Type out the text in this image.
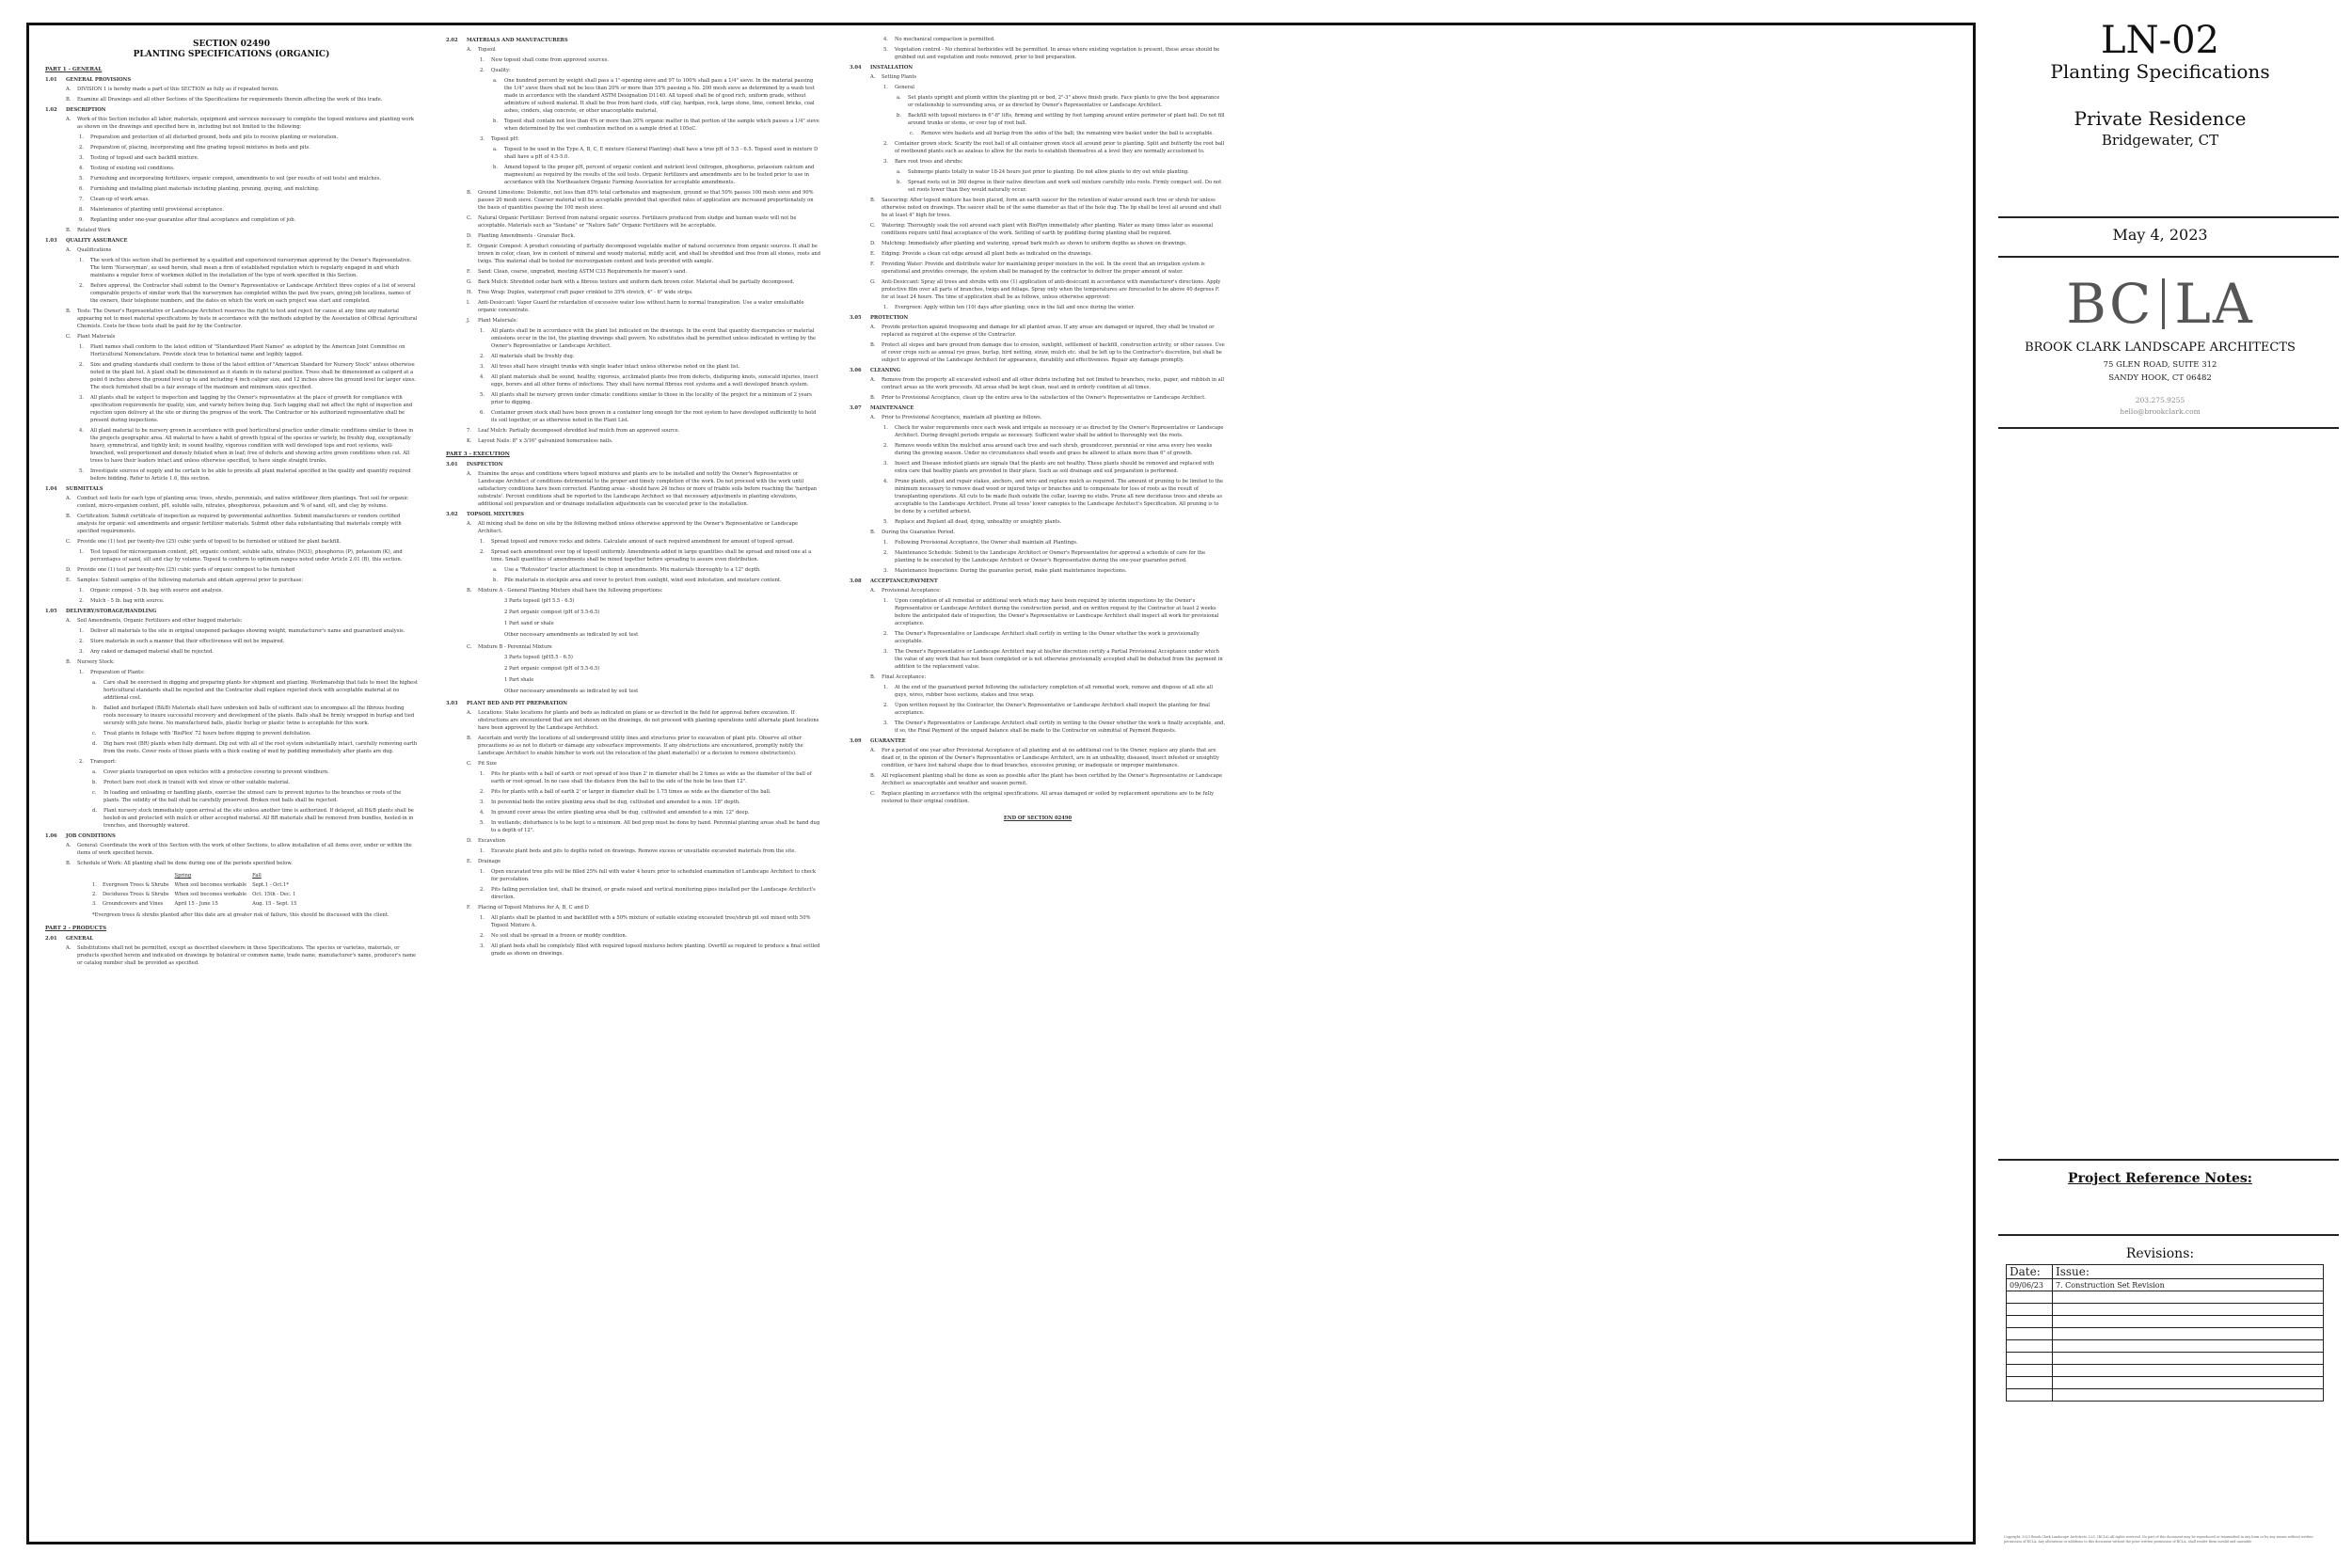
SECTION 02490
PLANTING SPECIFICATIONS (ORGANIC)
PART 1 - GENERAL
1.01	GENERAL PROVISIONS
A.	DIVISION 1 is hereby made a part of this SECTION as fully as if repeated herein.
B.	Examine all Drawings and all other Sections of the Specifications for requirements therein affecting the work of this trade.
1.02	DESCRIPTION
A.	Work of this Section includes all labor, materials, equipment and services necessary to complete the topsoil mixtures and planting work as shown on the drawings and specified here in, including but not limited to the following:
1.	Preparation and protection of all disturbed ground, beds and pits to receive planting or restoration.
2.	Preparation of, placing, incorporating and fine grading topsoil mixtures in beds and pits.
3.	Testing of topsoil and each backfill mixture.
4.	Testing of existing soil conditions.
5.	Furnishing and incorporating fertilizers, organic compost, amendments to soil (per results of soil tests) and mulches.
6.	Furnishing and installing plant materials including planting, pruning, guying, and mulching.
7.	Clean-up of work areas.
8.	Maintenance of planting until provisional acceptance.
9.	Replanting under one-year guarantee after final acceptance and completion of job.
B.	Related Work
1.03	QUALITY ASSURANCE
A.	Qualifications
1.	The work of this section shall be performed by a qualified and experienced nurseryman approved by the Owner's Representative. The term 'Nurseryman', as used herein, shall mean a firm of established reputation which is regularly engaged in and which maintains a regular force of workmen skilled in the installation of the type of work specified in this Section.
2.	Before approval, the Contractor shall submit to the Owner's Representative or Landscape Architect three copies of a list of several comparable projects of similar work that the nurserymen has completed within the past five years, giving job locations, names of the owners, their telephone numbers, and the dates on which the work on each project was start and completed.
B.	Tests: The Owner's Representative or Landscape Architect reserves the right to test and reject for cause at any time any material appearing not to meet material specifications by tests in accordance with the methods adopted by the Association of Official Agricultural Chemists. Costs for these tests shall be paid for by the Contractor.
C.	Plant Materials
1.	Plant names shall conform to the latest edition of "Standardized Plant Names" as adopted by the American Joint Committee on Horticultural Nomenclature. Provide stock true to botanical name and legibly tagged.
2.	Size and grading standards shall conform to those of the latest edition of "American Standard for Nursery Stock" unless otherwise noted in the plant list. A plant shall be dimensioned as it stands in its natural position. Trees shall be dimensioned as caliperd at a point 6 inches above the ground level up to and including 4 inch caliper size, and 12 inches above the ground level for larger sizes. The stock furnished shall be a fair average of the maximum and minimum sizes specified.
3.	All plants shall be subject to inspection and tagging by the Owner's representative at the place of growth for compliance with specification requirements for quality, size, and variety before being dug. Such tagging shall not affect the right of inspection and rejection upon delivery at the site or during the progress of the work. The Contractor or his authorized representative shall be present during inspections.
4.	All plant material to be nursery grown in accordance with good horticultural practice under climatic conditions similar to those in the projects geographic area. All material to have a habit of growth typical of the species or variety, be freshly dug, exceptionally heavy, symmetrical, and tightly knit; in sound healthy, vigorous condition with well developed tops and root systems, well-branched, well proportioned and densely foliated when in leaf; free of defects and showing active green conditions when cut. All trees to have their leaders intact and unless otherwise specified, to have single straight trunks.
5.	Investigate sources of supply and be certain to be able to provide all plant material specified in the quality and quantity required before bidding. Refer to Article 1.6, this section.
1.04	SUBMITTALS
A.	Conduct soil tests for each type of planting area: trees, shrubs, perennials, and native wildflower /fern plantings. Test soil for organic content, micro-organism content, pH, soluble salts, nitrates, phosphorous, potassium and % of sand, silt, and clay by volume.
B.	Certification: Submit certificate of inspection as required by governmental authorities. Submit manufacturers or vendors certified analysis for organic soil amendments and organic fertilizer materials. Submit other data substantiating that materials comply with specified requirements.
C.	Provide one (1) test per twenty-five (25) cubic yards of topsoil to be furnished or utilized for plant backfill.
1.	Test topsoil for microorganism content, pH, organic content, soluble salts, nitrates (NO3), phosphorus (P), potassium (K), and percentages of sand, silt and clay by volume. Topsoil to conform to optimum ranges noted under Article 2.01 (B), this section.
D.	Provide one (1) test per twenty-five (25) cubic yards of organic compost to be furnished
E.	Samples: Submit samples of the following materials and obtain approval prior to purchase:
1.	Organic compost - 5 lb. bag with source and analysis.
2.	Mulch - 5 lb. bag with source.
1.05	DELIVERY/STORAGE/HANDLING
A.	Soil Amendments, Organic Fertilizers and other bagged materials:
1.	Deliver all materials to the site in original unopened packages showing weight, manufacturer's name and guaranteed analysis.
2.	Store materials in such a manner that their effectiveness will not be impaired.
3.	Any caked or damaged material shall be rejected.
B.	Nursery Stock:
1.	Preparation of Plants:
a.	Care shall be exercised in digging and preparing plants for shipment and planting. Workmanship that fails to meet the highest horticultural standards shall be rejected and the Contractor shall replace rejected stock with acceptable material at no additional cost.
b.	Balled and burlaped (B&B) Materials shall have unbroken soil balls of sufficient size to encompass all the fibrous feeding roots necessary to insure successful recovery and development of the plants. Balls shall be firmly wrapped in burlap and tied securely with jute twine. No manufactured balls, plastic burlap or plastic twine is acceptable for this work.
c.	Treat plants in foliage with 'BioPlex' 72 hours before digging to prevent defoliation.
d.	Dig bare root (BR) plants when fully dormant. Dig out with all of the root system substantially intact, carefully removing earth from the roots. Cover roots of those plants with a thick coating of mud by puddling immediately after plants are dug.
2.	Transport:
a.	Cover plants transported on open vehicles with a protective covering to prevent windburn.
b.	Protect bare root stock in transit with wet straw or other suitable material.
c.	In loading and unloading or handling plants, exercise the utmost care to prevent injuries to the branches or roots of the plants. The solidity of the ball shall be carefully preserved. Broken root balls shall be rejected.
d.	Plant nursery stock immediately upon arrival at the site unless another time is authorized. If delayed, all B&B plants shall be heeled-in and protected with mulch or other accepted material. All BR materials shall be removed from bundles, heeled-in in trenches, and thoroughly watered.
1.06	JOB CONDITIONS
A.	General: Coordinate the work of this Section with the work of other Sections, to allow installation of all items over, under or within the items of work specified herein.
B.	Schedule of Work: All planting shall be done during one of the periods specified below.
		Spring	Fall
1.	Evergreen Trees & Shrubs	When soil becomes workable	Sept.1 - Oct.1*
2.	Deciduous Trees & Shrubs	When soil becomes workable	Oct. 15th - Dec. 1
3.	Groundcovers and Vines	April 15 - June 15	Aug. 15 - Sept. 15
*Evergreen trees & shrubs planted after this date are at greater risk of failure, this should be discussed with the client.
PART 2 - PRODUCTS
2.01	GENERAL
A.	Substitutions shall not be permitted, except as described elsewhere in these Specifications. The species or varieties, materials, or products specified herein and indicated on drawings by botanical or common name, trade name, manufacturer's name, producer's name or catalog number shall be provided as specified.
2.02	MATERIALS AND MANUFACTURERS
A.	Topsoil
1.	New topsoil shall come from approved sources.
2.	Quality:
a.	One hundred percent by weight shall pass a 1"-opening sieve and 97 to 100% shall pass a 1/4" sieve. In the material passing the 1/4" sieve there shall not be less than 20% or more than 55% passing a No. 200 mesh sieve as determined by a wash test made in accordance with the standard ASTM Designation D1140. All topsoil shall be of good rich, uniform grade, without admixture of subsoil material. It shall be free from hard clods, stiff clay, hardpan, rock, large stone, lime, cement bricks, coal ashes, cinders, slag concrete, or other unacceptable material.
b.	Topsoil shall contain not less than 4% or more than 20% organic matter in that portion of the sample which passes a 1/4" sieve when determined by the wet combustion method on a sample dried at 105oC.
3.	Topsoil pH:
a.	Topsoil to be used in the Type A, B, C, E mixture (General Planting) shall have a true pH of 5.5 - 6.5. Topsoil used in mixture D shall have a pH of 4.5-5.0.
b.	Amend topsoil to the proper pH, percent of organic content and nutrient level (nitrogen, phosphorus, potassium calcium and magnesium) as required by the results of the soil tests. Organic fertilizers and amendments are to be tested prior to use in accordance with the Northeastern Organic Farming Association for acceptable amendments.
B.	Ground Limestone: Dolomitic, not less than 85% total carbonates and magnesium, ground so that 50% passes 100 mesh sieve and 90% passes 20 mesh sieve. Coarser material will be acceptable provided that specified rates of application are increased proportionately on the basis of quantities passing the 100 mesh sieve.
C.	Natural Organic Fertilizer: Derived from natural organic sources. Fertilizers produced from sludge and human waste will not be acceptable. Materials such as "Sustane" or "Nature Safe" Organic Fertilizers will be acceptable.
D.	Planting Amendments - Granular Rock.
E.	Organic Compost: A product consisting of partially decomposed vegetable matter of natural occurrence from organic sources. It shall be brown in color, clean, low in content of mineral and woody material, mildly acid, and shall be shredded and free from all stones, roots and twigs. This material shall be tested for microorganism content and tests provided with sample.
F.	Sand: Clean, coarse, ungraded, meeting ASTM C33 Requirements for mason's sand.
G.	Bark Mulch: Shredded cedar bark with a fibrous texture and uniform dark brown color. Material shall be partially decomposed.
H.	Tree Wrap: Duplex, waterproof craft paper crinkled to 35% stretch, 4" - 6" wide strips.
I.	Anti-Desiccant: Vapor Guard for retardation of excessive water loss without harm to normal transpiration. Use a water emulsifiable organic concentrate.
J.	Plant Materials:
1.	All plants shall be in accordance with the plant list indicated on the drawings. In the event that quantity discrepancies or material omissions occur in the list, the planting drawings shall govern. No substitutes shall be permitted unless indicated in writing by the Owner's Representative or Landscape Architect.
2.	All materials shall be freshly dug.
3.	All trees shall have straight trunks with single leader intact unless otherwise noted on the plant list.
4.	All plant materials shall be sound, healthy, vigorous, acclimated plants free from defects, disfiguring knots, sunscald injuries, insect eggs, borers and all other forms of infections. They shall have normal fibrous root systems and a well developed branch system.
5.	All plants shall be nursery grown under climatic conditions similar to those in the locality of the project for a minimum of 2 years prior to digging.
6.	Container grown stock shall have been grown in a container long enough for the root system to have developed sufficiently to hold its soil together, or as otherwise noted in the Plant List.
7.	Leaf Mulch: Partially decomposed shredded leaf mulch from an approved source.
K.	Layout Nails: 8" x 3/16" galvanized homerunless nails.
PART 3 - EXECUTION
3.01	INSPECTION
A.	Examine the areas and conditions where topsoil mixtures and plants are to be installed and notify the Owner's Representative or Landscape Architect of conditions detrimental to the proper and timely completion of the work. Do not proceed with the work until satisfactory conditions have been corrected. Planting areas - should have 24 inches or more of friable soils before reaching the 'hardpan substrate'. Percent conditions shall be reported to the Landscape Architect so that necessary adjustments in planting elevations, additional soil preparation and or drainage installation adjustments can be executed prior to the installation.
3.02	TOPSOIL MIXTURES
A.	All mixing shall be done on site by the following method unless otherwise approved by the Owner's Representative or Landscape Architect.
1.	Spread topsoil and remove rocks and debris. Calculate amount of each required amendment for amount of topsoil spread.
2.	Spread each amendment over top of topsoil uniformly. Amendments added in large quantities shall be spread and mixed one at a time. Small quantities of amendments shall be mixed together before spreading to assure even distribution.
a.	Use a "Rotovator" tractor attachment to chop in amendments. Mix materials thoroughly to a 12" depth.
b.	Pile materials in stockpile area and cover to protect from sunlight, wind seed infestation, and moisture content.
B.	Mixture A - General Planting Mixture shall have the following proportions:
3 Parts topsoil (pH 5.5 - 6.5)
2 Part organic compost (pH of 5.5-6.5)
1 Part sand or shale
Other necessary amendments as indicated by soil test
C.	Mixture B - Perennial Mixture
3 Parts topsoil (pH5.5 - 6.5)
2 Part organic compost (pH of 5.5-6.5)
1 Part shale
Other necessary amendments as indicated by soil test
3.03	PLANT BED AND PIT PREPARATION
A.	Locations: Stake locations for plants and beds as indicated on plans or as directed in the field for approval before excavation. If obstructions are encountered that are not shown on the drawings, do not proceed with planting operations until alternate plant locations have been approved by the Landscape Architect.
B.	Ascertain and verify the locations of all underground utility lines and structures prior to excavation of plant pits. Observe all other precautions so as not to disturb or damage any subsurface improvements. If any obstructions are encountered, promptly notify the Landscape Architect to enable him/her to work out the relocation of the plant material(s) or a decision to remove obstruction(s).
C.	Pit Size
1.	Pits for plants with a ball of earth or root spread of less than 2' in diameter shall be 2 times as wide as the diameter of the ball of earth or root spread. In no case shall the distance from the ball to the side of the hole be less than 12".
2.	Pits for plants with a ball of earth 2' or larger in diameter shall be 1.75 times as wide as the diameter of the ball.
3.	In perennial beds the entire planting area shall be dug, cultivated and amended to a min. 18" depth.
4.	In ground cover areas the entire planting area shall be dug, cultivated and amended to a min. 12" deep.
5.	In wetlands; disturbance is to be kept to a minimum. All bed prep must be done by hand. Perennial planting areas shall be hand dug to a depth of 12".
D.	Excavation
1.	Excavate plant beds and pits to depths noted on drawings. Remove excess or unsuitable excavated materials from the site.
E.	Drainage
1.	Open excavated tree pits will be filled 25% full with water 4 hours prior to scheduled examination of Landscape Architect to check for percolation.
2.	Pits failing percolation test, shall be drained, or grade raised and vertical monitoring pipes installed per the Landscape Architect's direction.
F.	Placing of Topsoil Mixtures for A, B, C and D
1.	All plants shall be planted in and backfilled with a 50% mixture of suitable existing excavated tree/shrub pit soil mixed with 50% Topsoil Mixture A.
2.	No soil shall be spread in a frozen or muddy condition.
3.	All plant beds shall be completely filled with required topsoil mixtures before planting. Overfill as required to produce a final settled grade as shown on drawings.
4.	No mechanical compaction is permitted.
5.	Vegetation control - No chemical herbicides will be permitted. In areas where existing vegetation is present, these areas should be grubbed out and vegetation and roots removed, prior to bed preparation.
3.04	INSTALLATION
A.	Setting Plants
1.	General
a.	Set plants upright and plumb within the planting pit or bed, 2"-3" above finish grade. Face plants to give the best appearance or relationship to surrounding area, or as directed by Owner's Representative or Landscape Architect.
b.	Backfill with topsoil mixtures in 6"-8" lifts, firming and settling by foot tamping around entire perimeter of plant ball. Do not fill around trunks or stems, or over top of root ball.
c.	Remove wire baskets and all burlap from the sides of the ball; the remaining wire basket under the ball is acceptable.
2.	Container grown stock: Scarify the root ball of all container grown stock all around prior to planting. Split and butterfly the root ball of rootbound plants such as azaleas to allow for the roots to establish themselves at a level they are normally accustomed to.
3.	Bare root trees and shrubs:
a.	Submerge plants totally in water 18-24 hours just prior to planting. Do not allow plants to dry out while planting.
b.	Spread roots out in 360 degree in their native direction and work soil mixture carefully into roots. Firmly compact soil. Do not set roots lower than they would naturally occur.
B.	Saucering: After topsoil mixture has been placed, form an earth saucer for the retention of water around each tree or shrub for unless otherwise noted on drawings. The saucer shall be of the same diameter as that of the hole dug. The lip shall be level all around and shall be at least 4" high for trees.
C.	Watering: Thoroughly soak the soil around each plant with BioPlyn immediately after planting. Water as many times later as seasonal conditions require until final acceptance of the work. Settling of earth by puddling during planting shall be required.
D.	Mulching: Immediately after planting and watering, spread bark mulch as shown to uniform depths as shown on drawings.
E.	Edging: Provide a clean cut edge around all plant beds as indicated on the drawings.
F.	Providing Water: Provide and distribute water for maintaining proper moisture in the soil. In the event that an irrigation system is operational and provides coverage, the system shall be managed by the contractor to deliver the proper amount of water.
G.	Anti-Desiccant: Spray all trees and shrubs with one (1) application of anti-desiccant in accordance with manufacturer's directions. Apply protective film over all parts of branches, twigs and foliage. Spray only when the temperatures are forecasted to be above 40 degrees F. for at least 24 hours. The time of application shall be as follows, unless otherwise approved:
1.	Evergreen: Apply within ten (10) days after planting, once in the fall and once during the winter.
3.05	PROTECTION
A.	Provide protection against trespassing and damage for all planted areas. If any areas are damaged or injured, they shall be treated or replaced as required at the expense of the Contractor.
B.	Protect all slopes and bare ground from damage due to erosion, sunlight, settlement of backfill, construction activity, or other causes. Use of cover crops such as annual rye grass, burlap, bird netting, straw, mulch etc. shall be left up to the Contractor's discretion, but shall be subject to approval of the Landscape Architect for appearance, durability and effectiveness. Repair any damage promptly.
3.06	CLEANING
A.	Remove from the property all excavated subsoil and all other debris including but not limited to branches, rocks, paper, and rubbish in all contract areas as the work proceeds. All areas shall be kept clean, neat and in orderly condition at all times.
B.	Prior to Provisional Acceptance, clean up the entire area to the satisfaction of the Owner's Representative or Landscape Architect.
3.07	MAINTENANCE
A.	Prior to Provisional Acceptance, maintain all planting as follows.
1.	Check for water requirements once each week and irrigate as necessary or as directed by the Owner's Representative or Landscape Architect. During drought periods irrigate as necessary. Sufficient water shall be added to thoroughly wet the roots.
2.	Remove weeds within the mulched area around each tree and each shrub, groundcover, perennial or vine area every two weeks during the growing season. Under no circumstances shall weeds and grass be allowed to attain more than 6" of growth.
3.	Insect and Disease infested plants are signals that the plants are not healthy. These plants should be removed and replaced with extra care that healthy plants are provided in their place. Such as soil drainage and soil preparation is performed.
4.	Prune plants, adjust and repair stakes, anchors, and wire and replace mulch as required. The amount of pruning to be limited to the minimum necessary to remove dead wood or injured twigs or branches and to compensate for loss of roots as the result of transplanting operations. All cuts to be made flush outside the collar, leaving no stubs. Prune all new deciduous trees and shrubs as acceptable to the Landscape Architect. Prune all trees' lower canopies to the Landscape Architect's Specification. All pruning is to be done by a certified arborist.
5.	Replace and Replant all dead, dying, unhealthy or unsightly plants.
B.	During the Guarantee Period.
1.	Following Provisional Acceptance, the Owner shall maintain all Plantings.
2.	Maintenance Schedule: Submit to the Landscape Architect or Owner's Representative for approval a schedule of care for the planting to be executed by the Landscape Architect or Owner's Representative during the one-year guarantee period.
3.	Maintenance Inspections: During the guarantee period, make plant maintenance inspections.
3.08	ACCEPTANCE/PAYMENT
A.	Provisional Acceptance:
1.	Upon completion of all remedial or additional work which may have been required by interim inspections by the Owner's Representative or Landscape Architect during the construction period, and on written request by the Contractor at least 2 weeks before the anticipated date of inspection, the Owner's Representative or Landscape Architect shall inspect all work for provisional acceptance.
2.	The Owner's Representative or Landscape Architect shall certify in writing to the Owner whether the work is provisionally acceptable.
3.	The Owner's Representative or Landscape Architect may at his/her discretion certify a Partial Provisional Acceptance under which the value of any work that has not been completed or is not otherwise provisionally accepted shall be deducted from the payment in addition to the replacement value.
B.	Final Acceptance:
1.	At the end of the guaranteed period following the satisfactory completion of all remedial work, remove and dispose of all site all guys, wires, rubber hose sections, stakes and tree wrap.
2.	Upon written request by the Contractor, the Owner's Representative or Landscape Architect shall inspect the planting for final acceptance.
3.	The Owner's Representative or Landscape Architect shall certify in writing to the Owner whether the work is finally acceptable, and, if so, the Final Payment of the unpaid balance shall be made to the Contractor on submittal of Payment Requests.
3.09	GUARANTEE
A.	For a period of one year after Provisional Acceptance of all planting and at no additional cost to the Owner, replace any plants that are dead or, in the opinion of the Owner's Representative or Landscape Architect, are in an unhealthy, diseased, insect infested or unsightly condition, or have lost natural shape due to dead branches, excessive pruning, or inadequate or improper maintenance.
B.	All replacement planting shall be done as soon as possible after the plant has been certified by the Owner's Representative or Landscape Architect as unacceptable and weather and season permit.
C.	Replace planting in accordance with the original specifications. All areas damaged or soiled by replacement operations are to be fully restored to their original condition.
END OF SECTION 02490
LN-02
Planting Specifications
Private Residence
Bridgewater, CT
May 4, 2023
BC LA
BROOK CLARK LANDSCAPE ARCHITECTS
75 GLEN ROAD, SUITE 312
SANDY HOOK, CT 06482
203.275.9255
hello@brookclark.com
Project Reference Notes:
Revisions:
Date:	Issue:
09/06/23	7. Construction Set Revision

Copyright, 2023 Brook Clark Landscape Architects, LLC. (BCLA) All rights reserved. No part of this document may be reproduced or transmitted in any form or by any means without written permission of BCLA. Any alterations or additions to this document without the prior written permission of BCLA, shall render them invalid and unusable.
